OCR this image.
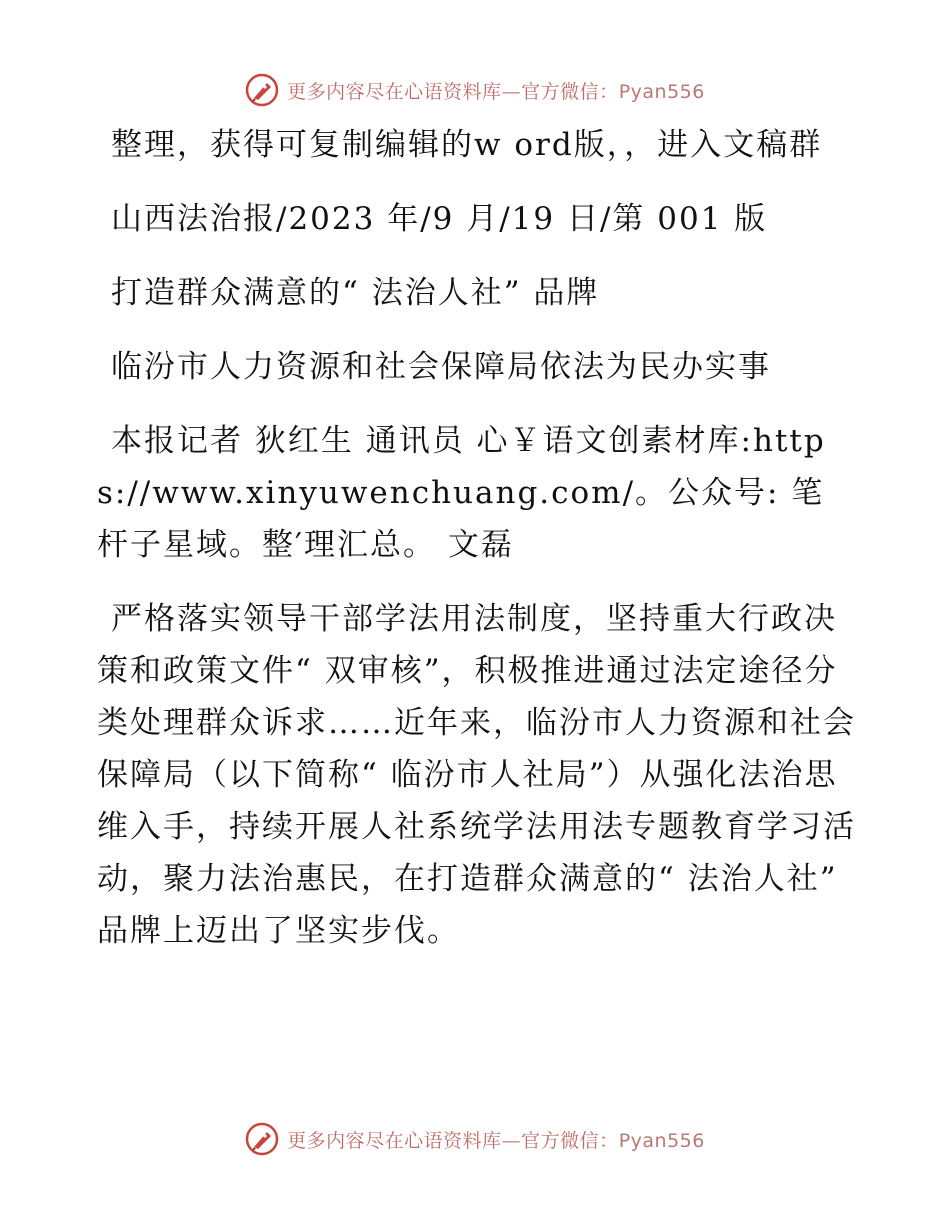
更多内容尽在心语资料库—官方微信：Pyan556

整理，获得可复制编辑的w ord版，，进入文稿群

山西法治报/2023 年/9 月/19 日/第 001 版

打造群众满意的“ 法治人社” 品牌

临汾市人力资源和社会保障局依法为民办实事

本报记者 狄红生 通讯员 心￥语文创素材库:https://www.xinyuwenchuang.com/。公众号: 笔杆子星域。整′理汇总。 文磊

严格落实领导干部学法用法制度，坚持重大行政决策和政策文件“ 双审核”，积极推进通过法定途径分类处理群众诉求……近年来，临汾市人力资源和社会保障局（以下简称“ 临汾市人社局”）从强化法治思维入手，持续开展人社系统学法用法专题教育学习活动，聚力法治惠民，在打造群众满意的“ 法治人社” 品牌上迈出了坚实步伐。

更多内容尽在心语资料库—官方微信：Pyan556
